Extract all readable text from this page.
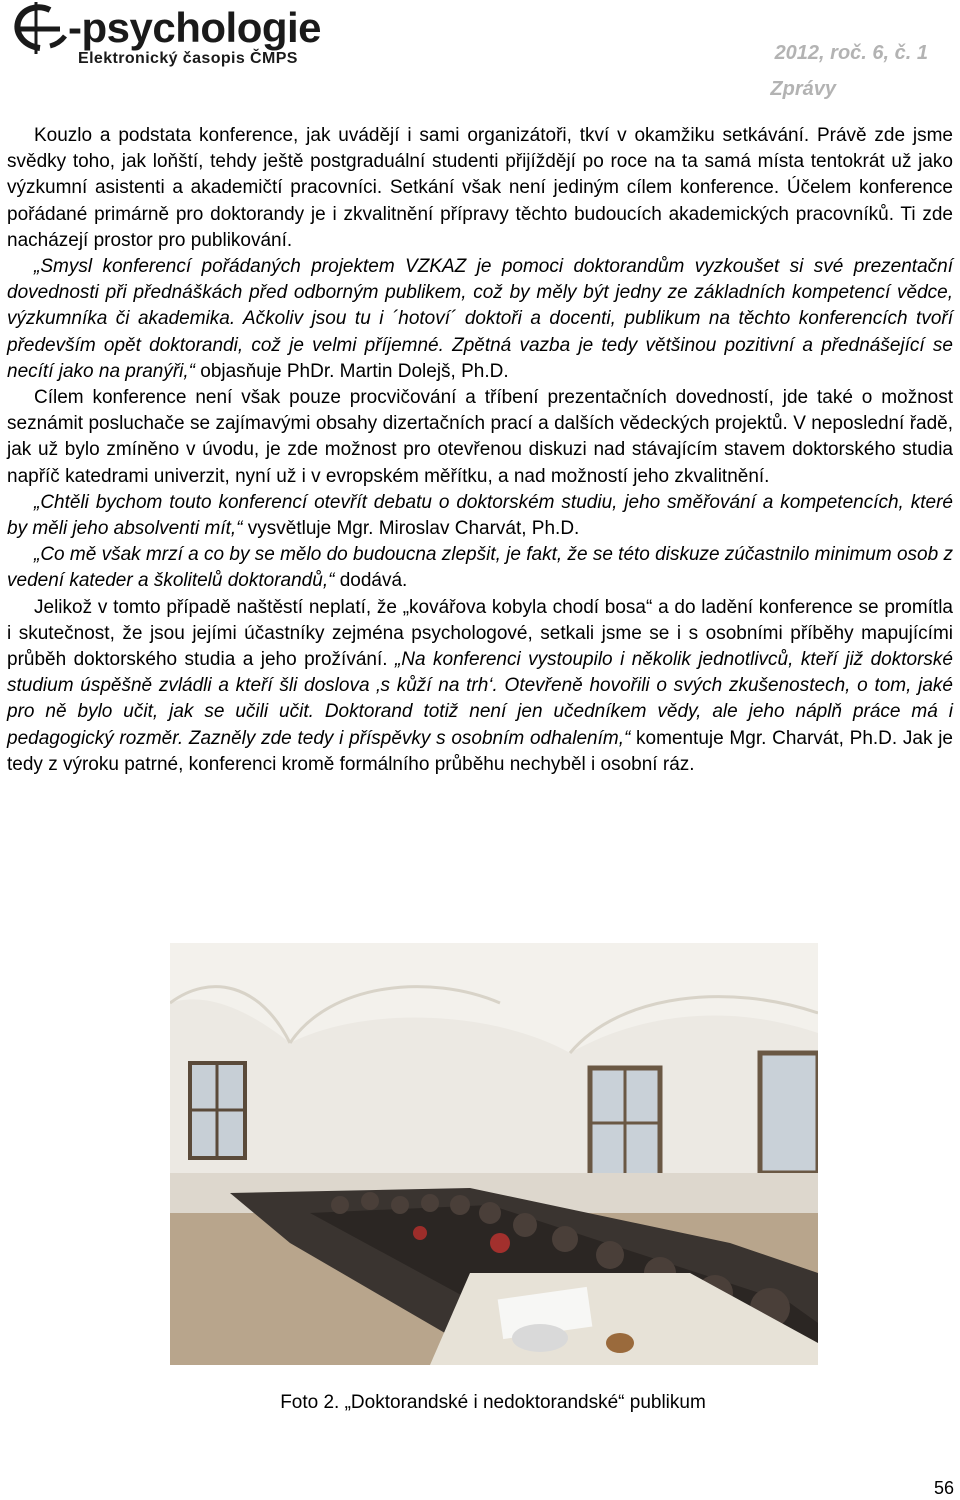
-psychologie
Elektronický časopis ČMPS	2012, roč. 6, č. 1
Zprávy

Kouzlo a podstata konference, jak uvádějí i sami organizátoři, tkví v okamžiku setkávání. Právě zde jsme svědky toho, jak loňští, tehdy ještě postgraduální studenti přijíždějí po roce na ta samá místa tentokrát už jako výzkumní asistenti a akademičtí pracovníci. Setkání však není jediným cílem konference. Účelem konference pořádané primárně pro doktorandy je i zkvalitnění přípravy těchto budoucích akademických pracovníků. Ti zde nacházejí prostor pro publikování.

„Smysl konferencí pořádaných projektem VZKAZ je pomoci doktorandům vyzkoušet si své prezentační dovednosti při přednáškách před odborným publikem, což by měly být jedny ze základních kompetencí vědce, výzkumníka či akademika. Ačkoliv jsou tu i ´hotoví´ doktoři a docenti, publikum na těchto konferencích tvoří především opět doktorandi, což je velmi příjemné. Zpětná vazba je tedy většinou pozitivní a přednášející se necítí jako na pranýři,“ objasňuje PhDr. Martin Dolejš, Ph.D.

Cílem konference není však pouze procvičování a tříbení prezentačních dovedností, jde také o možnost seznámit posluchače se zajímavými obsahy dizertačních prací a dalších vědeckých projektů. V neposlední řadě, jak už bylo zmíněno v úvodu, je zde možnost pro otevřenou diskuzi nad stávajícím stavem doktorského studia napříč katedrami univerzit, nyní už i v evropském měřítku, a nad možností jeho zkvalitnění.

„Chtěli bychom touto konferencí otevřít debatu o doktorském studiu, jeho směřování a kompetencích, které by měli jeho absolventi mít,“ vysvětluje Mgr. Miroslav Charvát, Ph.D.

„Co mě však mrzí a co by se mělo do budoucna zlepšit, je fakt, že se této diskuze zúčastnilo minimum osob z vedení kateder a školitelů doktorandů,“ dodává.

Jelikož v tomto případě naštěstí neplatí, že „kovářova kobyla chodí bosa“ a do ladění konference se promítla i skutečnost, že jsou jejími účastníky zejména psychologové, setkali jsme se i s osobními příběhy mapujícími průběh doktorského studia a jeho prožívání. „Na konferenci vystoupilo i několik jednotlivců, kteří již doktorské studium úspěšně zvládli a kteří šli doslova ‚s kůží na trh‘. Otevřeně hovořili o svých zkušenostech, o tom, jaké pro ně bylo učit, jak se učili učit. Doktorand totiž není jen učedníkem vědy, ale jeho náplň práce má i pedagogický rozměr. Zazněly zde tedy i příspěvky s osobním odhalením,“ komentuje Mgr. Charvát, Ph.D. Jak je tedy z výroku patrné, konferenci kromě formálního průběhu nechyběl i osobní ráz.

Foto 2. „Doktorandské i nedoktorandské“ publikum
56
